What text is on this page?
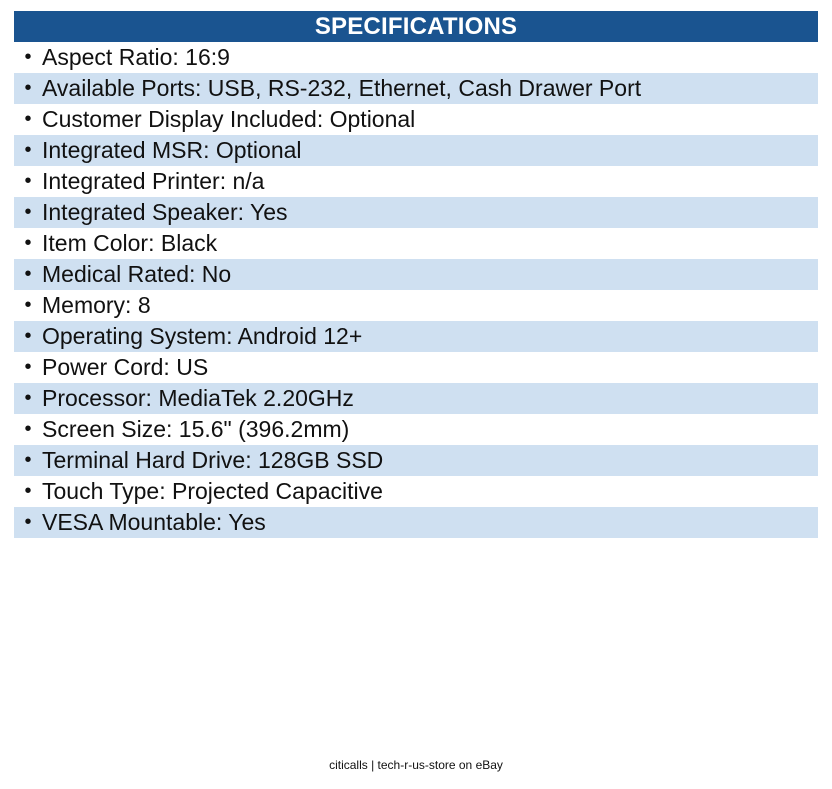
SPECIFICATIONS
• Aspect Ratio: 16:9
• Available Ports: USB, RS-232, Ethernet, Cash Drawer Port
• Customer Display Included: Optional
• Integrated MSR: Optional
• Integrated Printer: n/a
• Integrated Speaker: Yes
• Item Color: Black
• Medical Rated: No
• Memory: 8
• Operating System: Android 12+
• Power Cord: US
• Processor: MediaTek 2.20GHz
• Screen Size: 15.6" (396.2mm)
• Terminal Hard Drive: 128GB SSD
• Touch Type: Projected Capacitive
• VESA Mountable: Yes
citicalls | tech-r-us-store on eBay
